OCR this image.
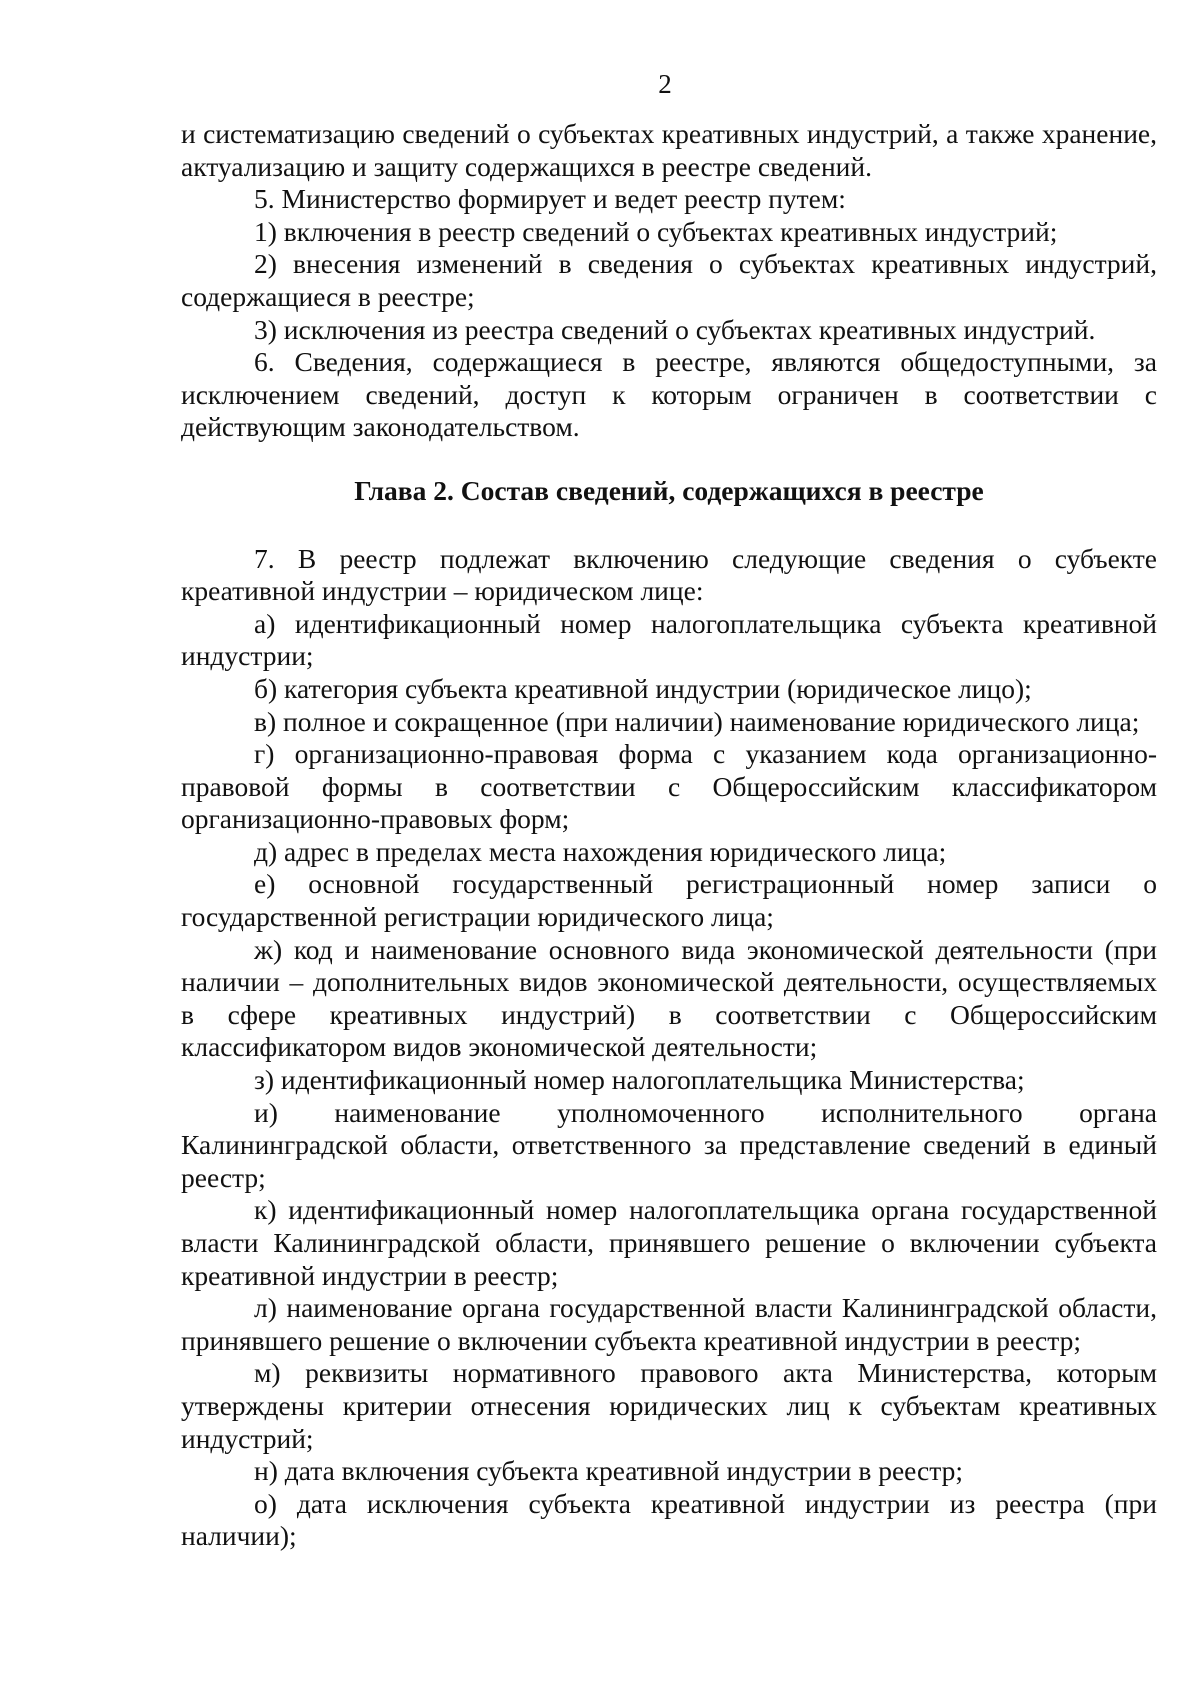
2

и систематизацию сведений о субъектах креативных индустрий, а также хранение, актуализацию и защиту содержащихся в реестре сведений.

5. Министерство формирует и ведет реестр путем:

1) включения в реестр сведений о субъектах креативных индустрий;

2) внесения изменений в сведения о субъектах креативных индустрий, содержащиеся в реестре;

3) исключения из реестра сведений о субъектах креативных индустрий.

6. Сведения, содержащиеся в реестре, являются общедоступными, за исключением сведений, доступ к которым ограничен в соответствии с действующим законодательством.

Глава 2. Состав сведений, содержащихся в реестре

7. В реестр подлежат включению следующие сведения о субъекте креативной индустрии – юридическом лице:

а) идентификационный номер налогоплательщика субъекта креативной индустрии;

б) категория субъекта креативной индустрии (юридическое лицо);

в) полное и сокращенное (при наличии) наименование юридического лица;

г) организационно-правовая форма с указанием кода организационно-правовой формы в соответствии с Общероссийским классификатором организационно-правовых форм;

д) адрес в пределах места нахождения юридического лица;

е) основной государственный регистрационный номер записи о государственной регистрации юридического лица;

ж) код и наименование основного вида экономической деятельности (при наличии – дополнительных видов экономической деятельности, осуществляемых в сфере креативных индустрий) в соответствии с Общероссийским классификатором видов экономической деятельности;

з) идентификационный номер налогоплательщика Министерства;

и) наименование уполномоченного исполнительного органа Калининградской области, ответственного за представление сведений в единый реестр;

к) идентификационный номер налогоплательщика органа государственной власти Калининградской области, принявшего решение о включении субъекта креативной индустрии в реестр;

л) наименование органа государственной власти Калининградской области, принявшего решение о включении субъекта креативной индустрии в реестр;

м) реквизиты нормативного правового акта Министерства, которым утверждены критерии отнесения юридических лиц к субъектам креативных индустрий;

н) дата включения субъекта креативной индустрии в реестр;

о) дата исключения субъекта креативной индустрии из реестра (при наличии);
